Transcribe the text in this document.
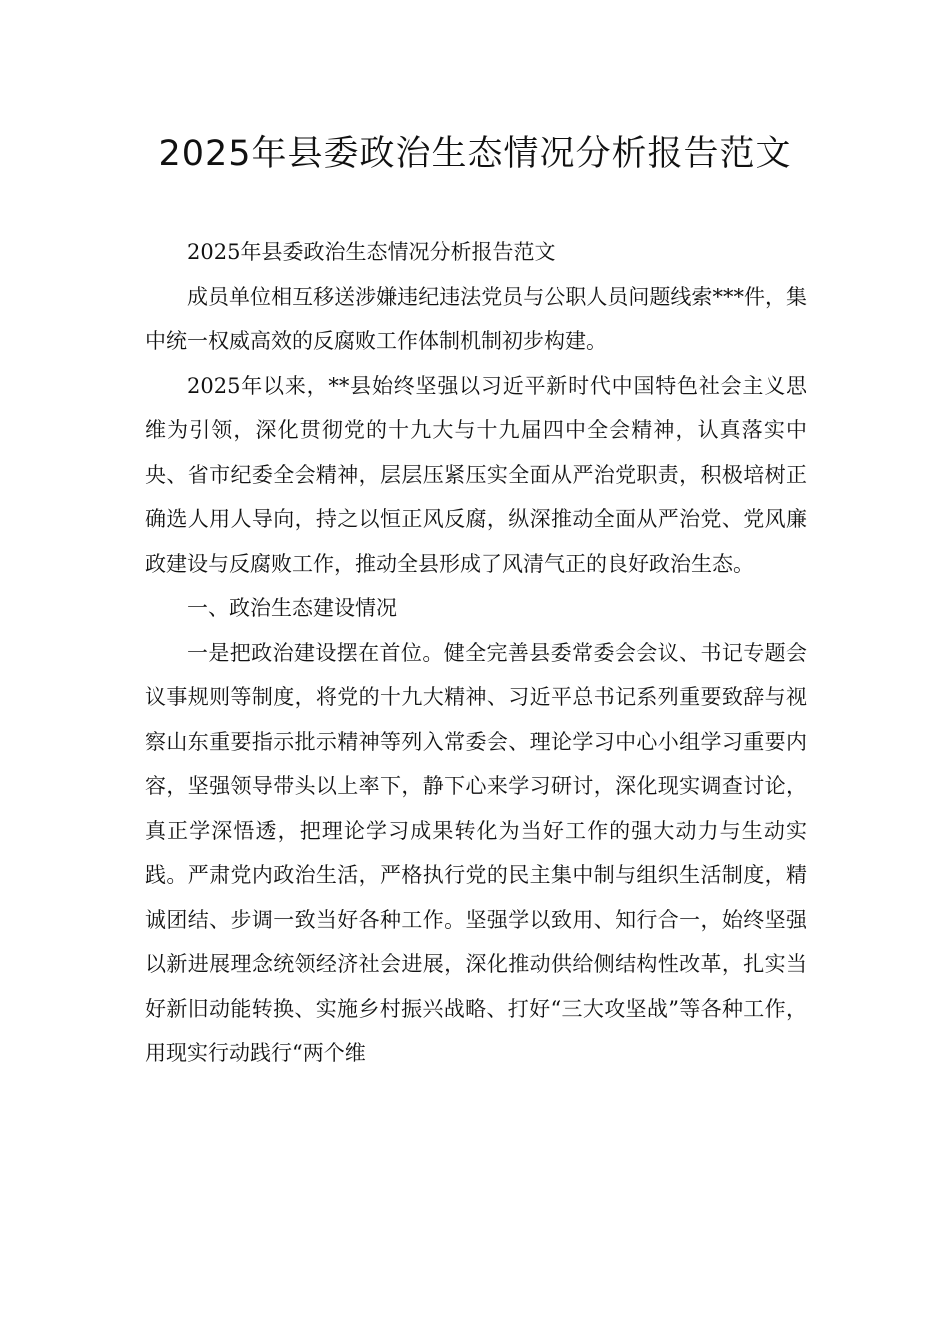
2025年县委政治生态情况分析报告范文

2025年县委政治生态情况分析报告范文

成员单位相互移送涉嫌违纪违法党员与公职人员问题线索***件，集中统一权威高效的反腐败工作体制机制初步构建。

2025年以来，**县始终坚强以习近平新时代中国特色社会主义思维为引领，深化贯彻党的十九大与十九届四中全会精神，认真落实中央、省市纪委全会精神，层层压紧压实全面从严治党职责，积极培树正确选人用人导向，持之以恒正风反腐，纵深推动全面从严治党、党风廉政建设与反腐败工作，推动全县形成了风清气正的良好政治生态。

一、政治生态建设情况

一是把政治建设摆在首位。健全完善县委常委会会议、书记专题会议事规则等制度，将党的十九大精神、习近平总书记系列重要致辞与视察山东重要指示批示精神等列入常委会、理论学习中心小组学习重要内容，坚强领导带头以上率下，静下心来学习研讨，深化现实调查讨论，真正学深悟透，把理论学习成果转化为当好工作的强大动力与生动实践。严肃党内政治生活，严格执行党的民主集中制与组织生活制度，精诚团结、步调一致当好各种工作。坚强学以致用、知行合一，始终坚强以新进展理念统领经济社会进展，深化推动供给侧结构性改革，扎实当好新旧动能转换、实施乡村振兴战略、打好“三大攻坚战”等各种工作，用现实行动践行“两个维
